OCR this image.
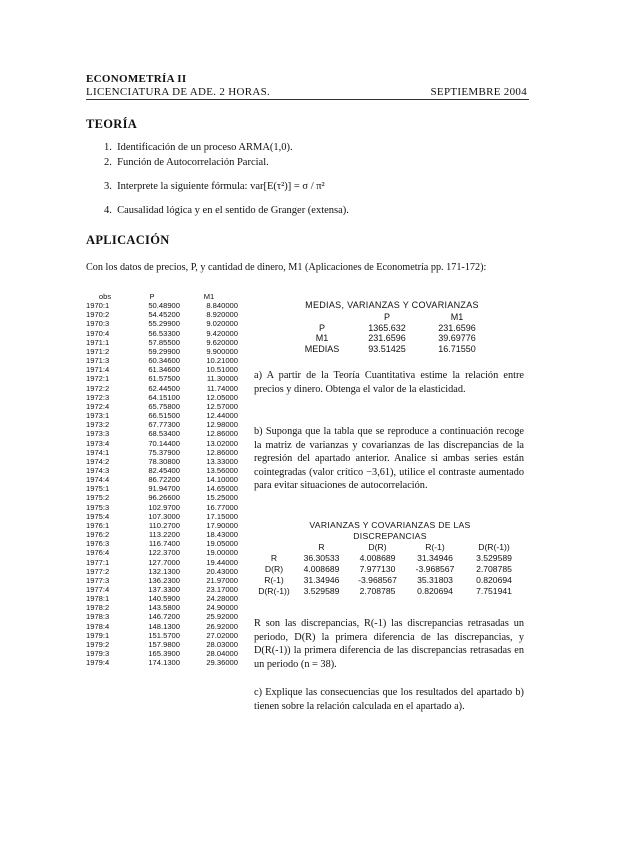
ECONOMETRÍA II
LICENCIATURA DE ADE. 2 HORAS.	SEPTIEMBRE 2004
TEORÍA
1. Identificación de un proceso ARMA(1,0).
2. Función de Autocorrelación Parcial.
3. Interprete la siguiente fórmula: var[E(τ²)] = σ / π²
4. Causalidad lógica y en el sentido de Granger (extensa).
APLICACIÓN
Con los datos de precios, P, y cantidad de dinero, M1 (Aplicaciones de Econometría pp. 171-172):
obs	P	M1
1970:1	50.48900	8.840000
1970:2	54.45200	8.920000
1970:3	55.29900	9.020000
1970:4	56.53300	9.420000
1971:1	57.85500	9.620000
1971:2	59.29900	9.900000
1971:3	60.34600	10.21000
1971:4	61.34600	10.51000
1972:1	61.57500	11.30000
1972:2	62.44500	11.74000
1972:3	64.15100	12.05000
1972:4	65.75800	12.57000
1973:1	66.51500	12.44000
1973:2	67.77300	12.98000
1973:3	68.53400	12.86000
1973:4	70.14400	13.02000
1974:1	75.37900	12.86000
1974:2	78.30800	13.33000
1974:3	82.45400	13.56000
1974:4	86.72200	14.10000
1975:1	91.94700	14.65000
1975:2	96.26600	15.25000
1975:3	102.9700	16.77000
1975:4	107.3000	17.15000
1976:1	110.2700	17.90000
1976:2	113.2200	18.43000
1976:3	116.7400	19.05000
1976:4	122.3700	19.00000
1977:1	127.7000	19.44000
1977:2	132.1300	20.43000
1977:3	136.2300	21.97000
1977:4	137.3300	23.17000
1978:1	140.5900	24.28000
1978:2	143.5800	24.90000
1978:3	146.7200	25.92000
1978:4	148.1300	26.92000
1979:1	151.5700	27.02000
1979:2	157.9800	28.03000
1979:3	165.3900	28.04000
1979:4	174.1300	29.36000
MEDIAS, VARIANZAS Y COVARIANZAS
	P	M1
P	1365.632	231.6596
M1	231.6596	39.69776
MEDIAS	93.51425	16.71550

a) A partir de la Teoría Cuantitativa estime la relación entre precios y dinero. Obtenga el valor de la elasticidad.

b) Suponga que la tabla que se reproduce a continuación recoge la matriz de varianzas y covarianzas de las discrepancias de la regresión del apartado anterior. Analice si ambas series están cointegradas (valor crítico −3,61), utilice el contraste aumentado para evitar situaciones de autocorrelación.

VARIANZAS Y COVARIANZAS DE LAS
DISCREPANCIAS
	R	D(R)	R(-1)	D(R(-1))
R	36.30533	4.008689	31.34946	3.529589
D(R)	4.008689	7.977130	-3.968567	2.708785
R(-1)	31.34946	-3.968567	35.31803	0.820694
D(R(-1))	3.529589	2.708785	0.820694	7.751941

R son las discrepancias, R(-1) las discrepancias retrasadas un periodo, D(R) la primera diferencia de las discrepancias, y D(R(-1)) la primera diferencia de las discrepancias retrasadas en un periodo (n = 38).

c) Explique las consecuencias que los resultados del apartado b) tienen sobre la relación calculada en el apartado a).
